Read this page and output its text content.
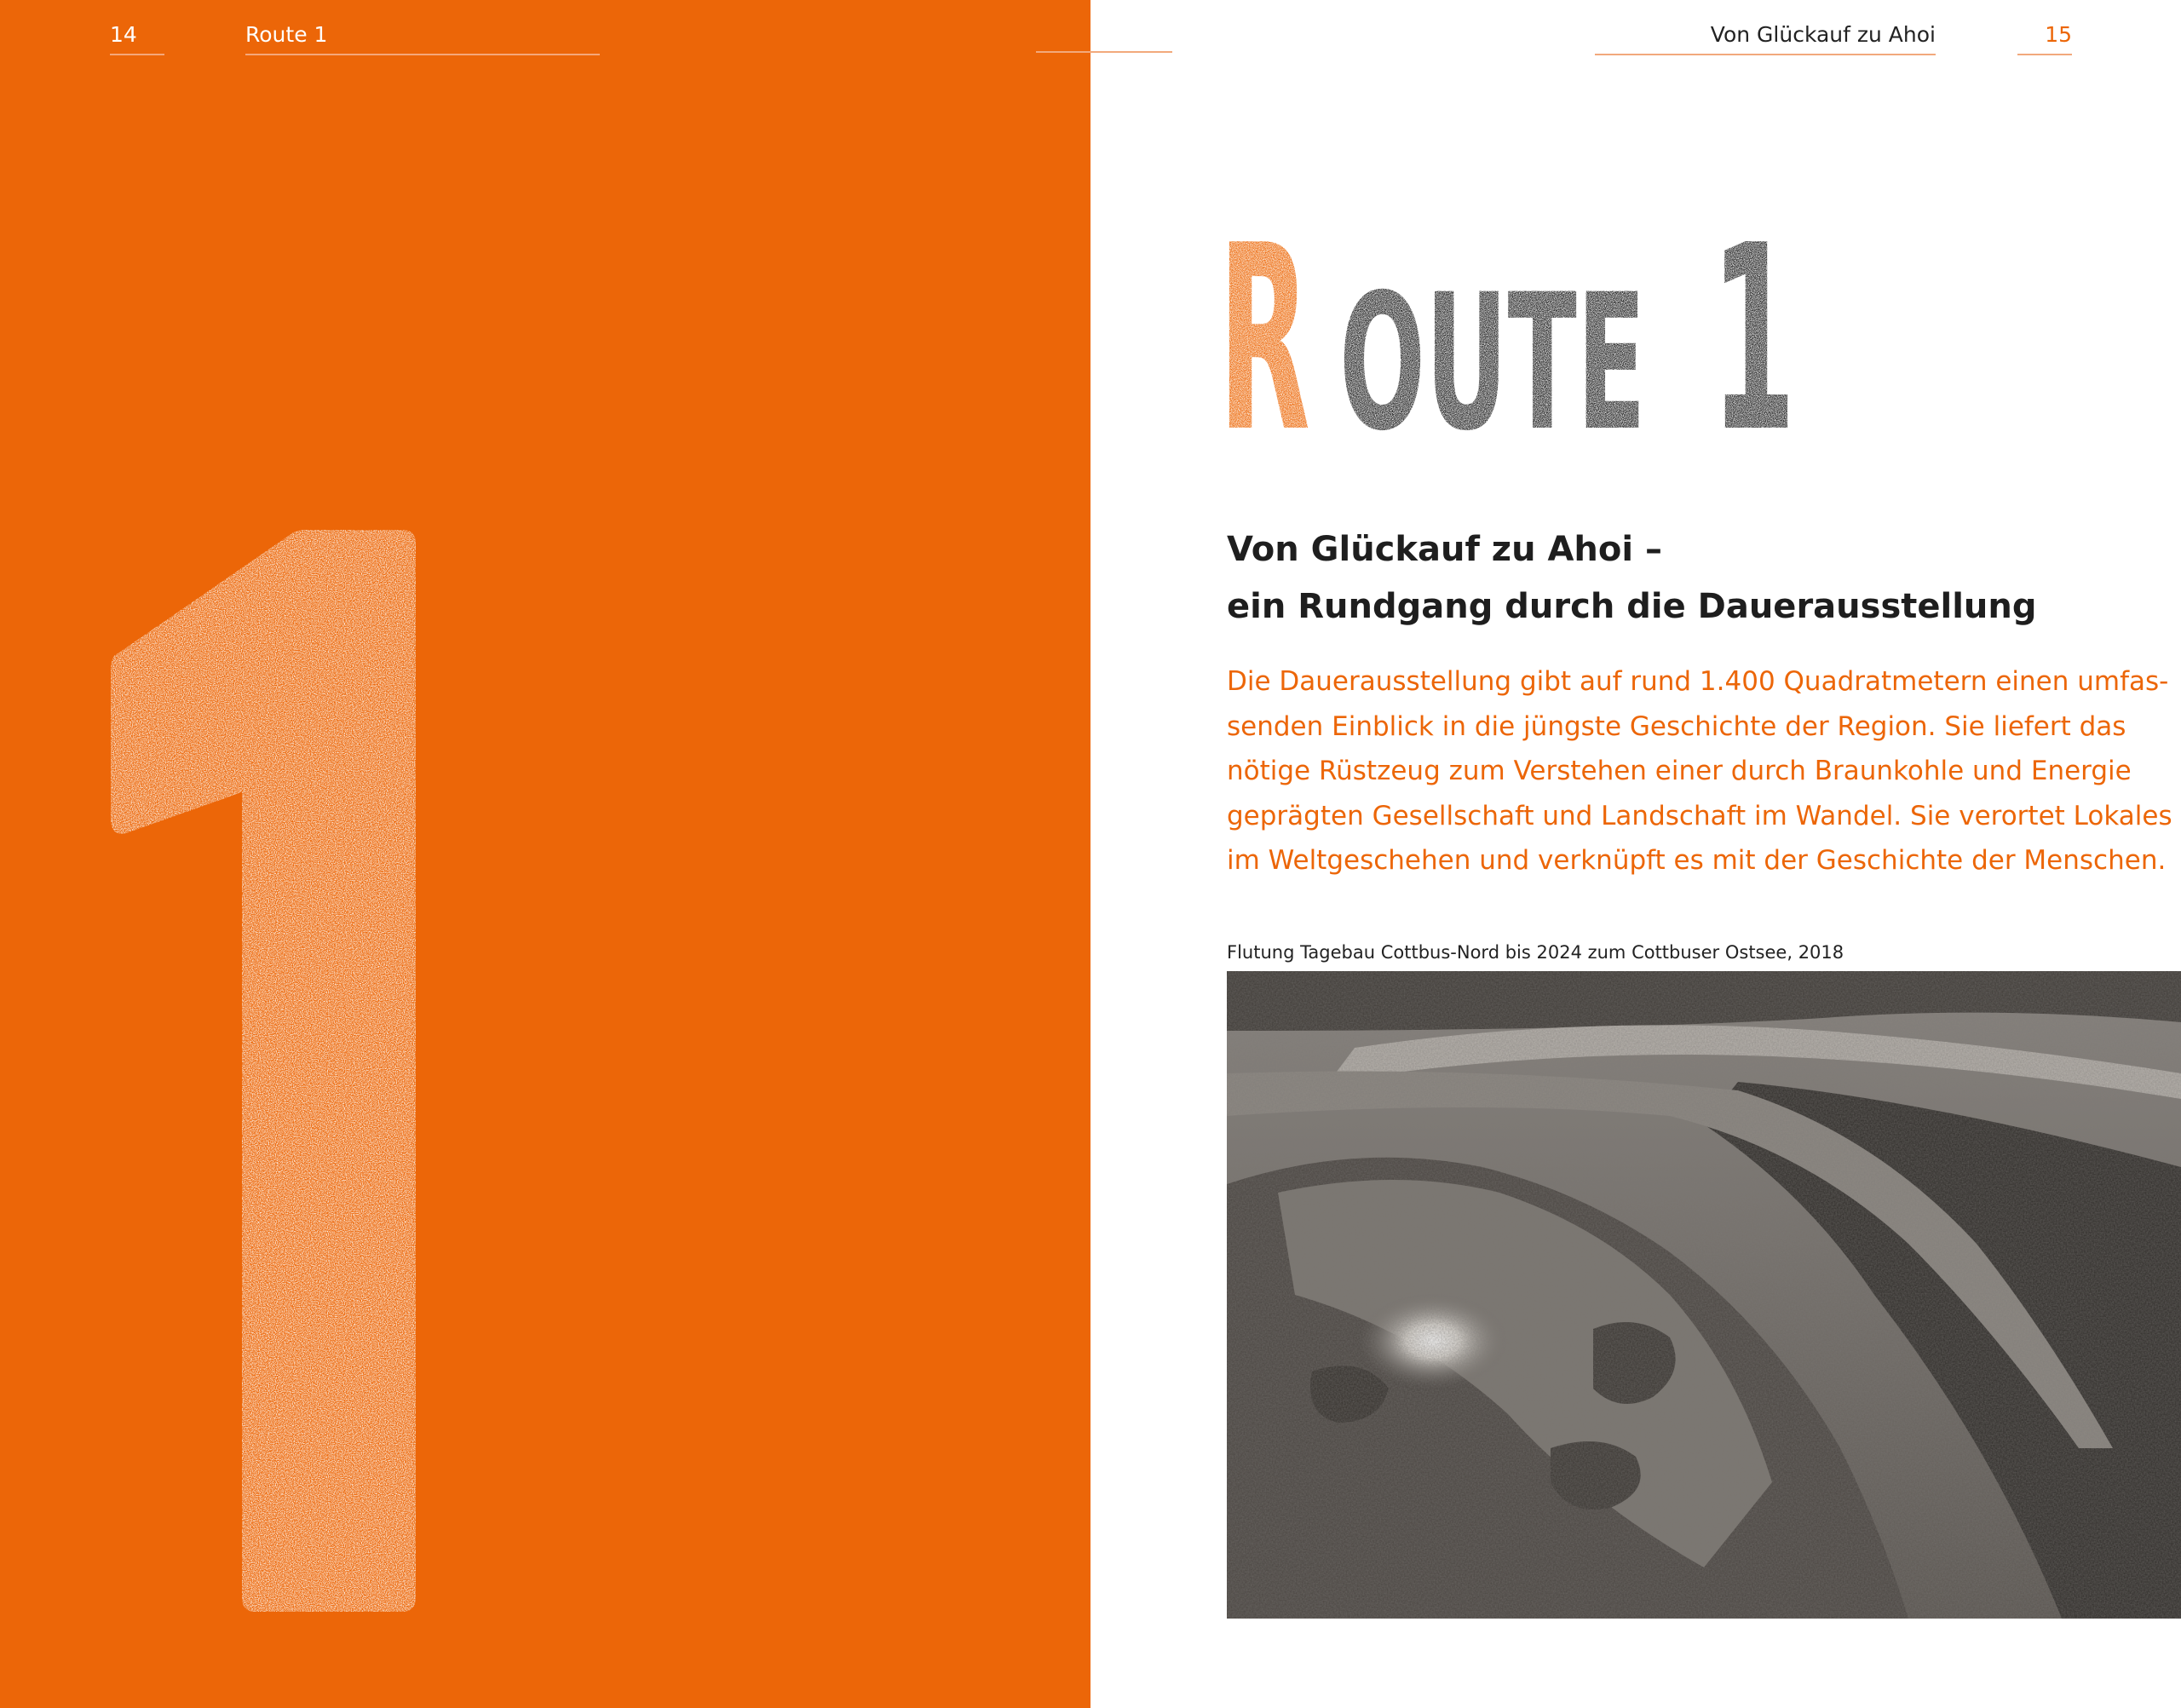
14	Route 1	Von Glückauf zu Ahoi	15
R OUTE 1
Von Glückauf zu Ahoi –
ein Rundgang durch die Dauerausstellung
Die Dauerausstellung gibt auf rund 1.400 Quadratmetern einen umfas-
senden Einblick in die jüngste Geschichte der Region. Sie liefert das
nötige Rüstzeug zum Verstehen einer durch Braunkohle und Energie
geprägten Gesellschaft und Landschaft im Wandel. Sie verortet Lokales
im Weltgeschehen und verknüpft es mit der Geschichte der Menschen.
Flutung Tagebau Cottbus-Nord bis 2024 zum Cottbuser Ostsee, 2018
